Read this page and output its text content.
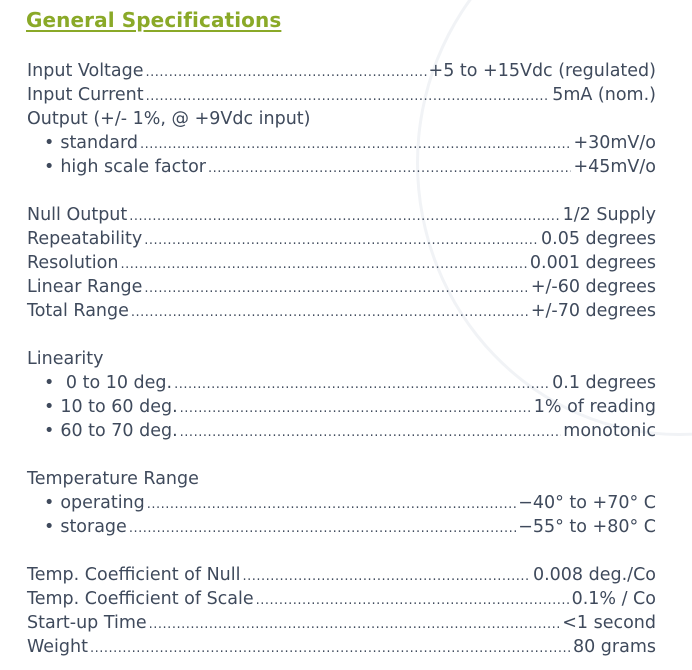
General Specifications
Input Voltage .....	+5 to +15Vdc (regulated)
Input Current .....	5mA (nom.)
Output (+/- 1%, @ +9Vdc input)
• standard .....	+30mV/o
• high scale factor .....	+45mV/o
Null Output .....	1/2 Supply
Repeatability .....	0.05 degrees
Resolution .....	0.001 degrees
Linear Range .....	+/-60 degrees
Total Range .....	+/-70 degrees
Linearity
•  0 to 10 deg. .....	0.1 degrees
• 10 to 60 deg. .....	1% of reading
• 60 to 70 deg. .....	monotonic
Temperature Range
• operating .....	−40° to +70° C
• storage .....	−55° to +80° C
Temp. Coefficient of Null .....	0.008 deg./Co
Temp. Coefficient of Scale .....	0.1% / Co
Start-up Time .....	<1 second
Weight .....	80 grams
